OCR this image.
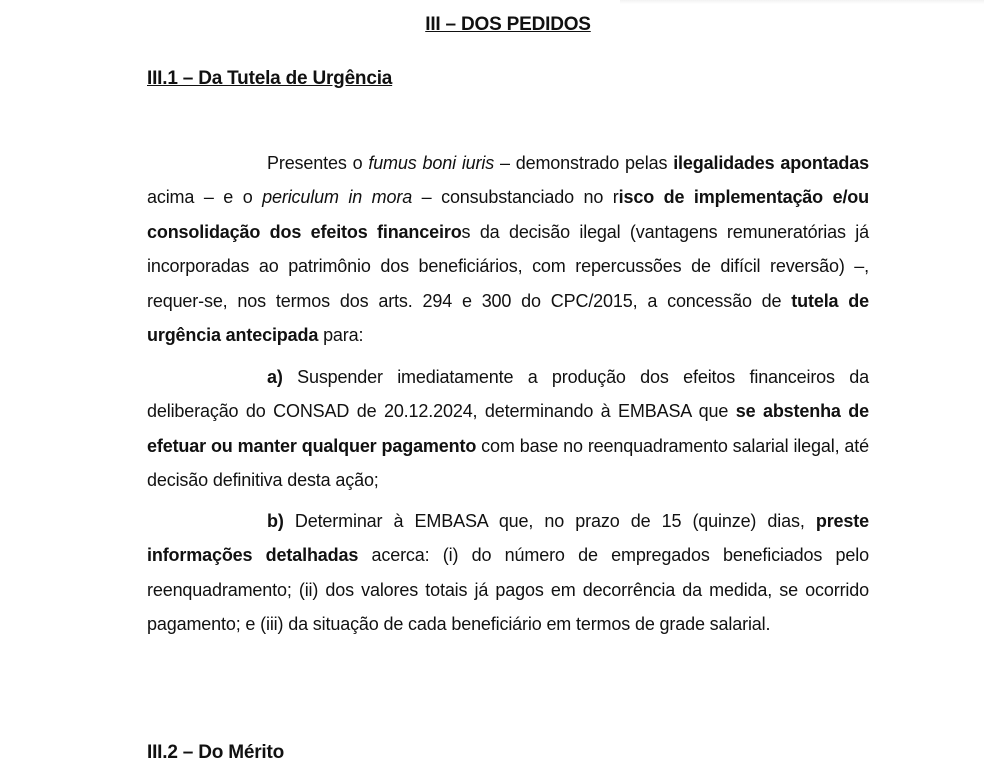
III – DOS PEDIDOS
III.1 – Da Tutela de Urgência
Presentes o fumus boni iuris – demonstrado pelas ilegalidades apontadas acima – e o periculum in mora – consubstanciado no risco de implementação e/ou consolidação dos efeitos financeiros da decisão ilegal (vantagens remuneratórias já incorporadas ao patrimônio dos beneficiários, com repercussões de difícil reversão) –, requer-se, nos termos dos arts. 294 e 300 do CPC/2015, a concessão de tutela de urgência antecipada para:
a) Suspender imediatamente a produção dos efeitos financeiros da deliberação do CONSAD de 20.12.2024, determinando à EMBASA que se abstenha de efetuar ou manter qualquer pagamento com base no reenquadramento salarial ilegal, até decisão definitiva desta ação;
b) Determinar à EMBASA que, no prazo de 15 (quinze) dias, preste informações detalhadas acerca: (i) do número de empregados beneficiados pelo reenquadramento; (ii) dos valores totais já pagos em decorrência da medida, se ocorrido pagamento; e (iii) da situação de cada beneficiário em termos de grade salarial.
III.2 – Do Mérito
